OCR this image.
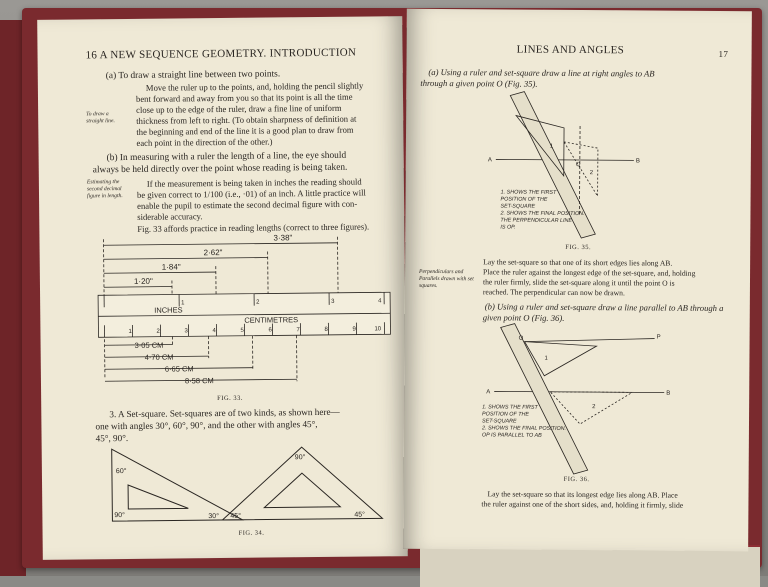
16 A NEW SEQUENCE GEOMETRY. INTRODUCTION
(a) To draw a straight line between two points.
To draw a straight line.
Move the ruler up to the points, and, holding the pencil slightly
bent forward and away from you so that its point is all the time
close up to the edge of the ruler, draw a fine line of uniform
thickness from left to right. (To obtain sharpness of definition at
the beginning and end of the line it is a good plan to draw from
each point in the direction of the other.)
(b) In measuring with a ruler the length of a line, the eye should
always be held directly over the point whose reading is being taken.
Estimating the second decimal figure in length.
If the measurement is being taken in inches the reading should
be given correct to 1/100 (i.e., ·01) of an inch. A little practice will
enable the pupil to estimate the second decimal figure with con-
siderable accuracy.
Fig. 33 affords practice in reading lengths (correct to three figures).
3·38"
2·62"
1·84"
1·20"
INCHES
CENTIMETRES
1	2	3	4
1	2	3	4	5	6	7	8	9	10
3·05 CM
4·70 CM
6·65 CM
8·58 CM
FIG. 33.
3. A Set-square. Set-squares are of two kinds, as shown here—
one with angles 30°, 60°, 90°, and the other with angles 45°,
45°, 90°.
60°
90°	30°
90°
45°	45°
FIG. 34.
LINES AND ANGLES	17
(a) Using a ruler and set-square draw a line at right angles to AB
through a given point O (Fig. 35).
A	B
O
1
2
1. SHOWS THE FIRST
POSITION OF THE
SET-SQUARE
2. SHOWS THE FINAL POSITION.
THE PERPENDICULAR LINE
IS OP.
FIG. 35.
Lay the set-square so that one of its short edges lies along AB.
Perpendiculars and Parallels drawn with set squares.
Place the ruler against the longest edge of the set-square, and, holding
the ruler firmly, slide the set-square along it until the point O is
reached. The perpendicular can now be drawn.
(b) Using a ruler and set-square draw a line parallel to AB through a
given point O (Fig. 36).
A	B
O	P
1
2
1. SHOWS THE FIRST
POSITION OF THE
SET-SQUARE
2. SHOWS THE FINAL POSITION.
OP IS PARALLEL TO AB
FIG. 36.
Lay the set-square so that its longest edge lies along AB. Place
the ruler against one of the short sides, and, holding it firmly, slide
